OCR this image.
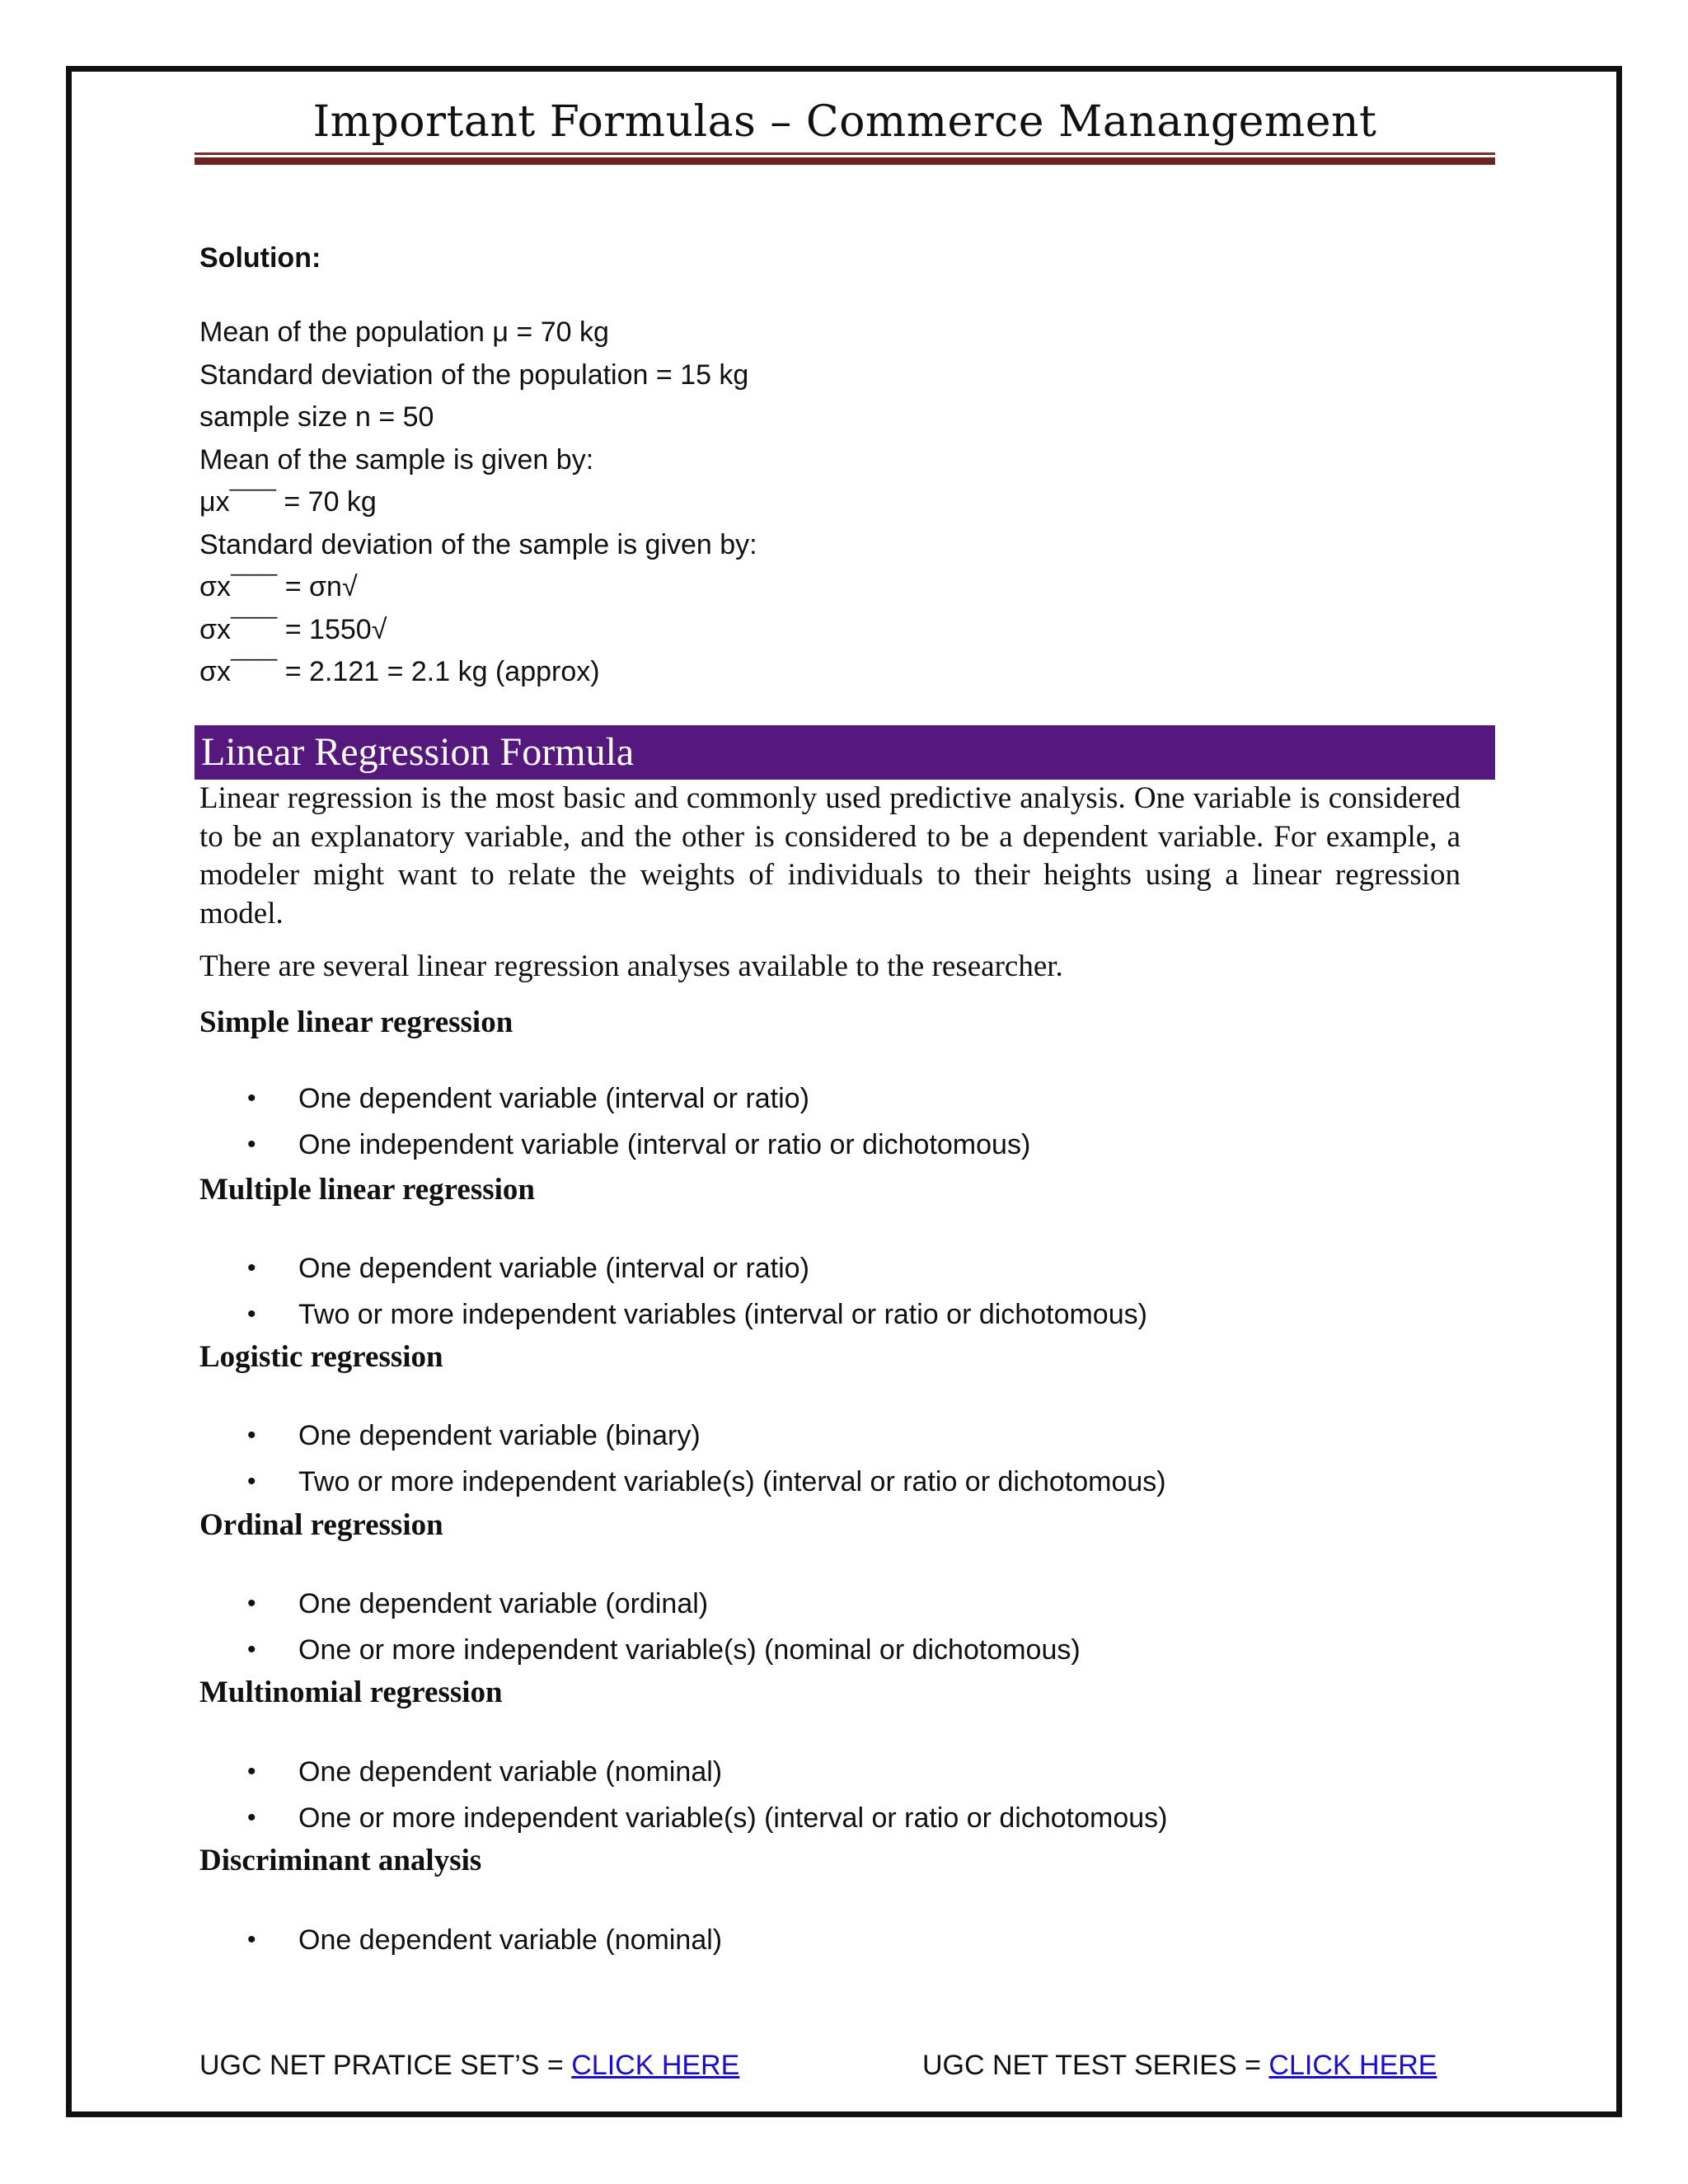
Important Formulas – Commerce Manangement
Solution:
Mean of the population μ = 70 kg
Standard deviation of the population = 15 kg
sample size n = 50
Mean of the sample is given by:
μx¯¯¯ = 70 kg
Standard deviation of the sample is given by:
σx¯¯¯ = σn√
σx¯¯¯ = 1550√
σx¯¯¯ = 2.121 = 2.1 kg (approx)
Linear Regression Formula

Linear regression is the most basic and commonly used predictive analysis. One variable is considered to be an explanatory variable, and the other is considered to be a dependent variable. For example, a modeler might want to relate the weights of individuals to their heights using a linear regression model.

There are several linear regression analyses available to the researcher.

Simple linear regression

• One dependent variable (interval or ratio)
• One independent variable (interval or ratio or dichotomous)

Multiple linear regression

• One dependent variable (interval or ratio)
• Two or more independent variables (interval or ratio or dichotomous)

Logistic regression

• One dependent variable (binary)
• Two or more independent variable(s) (interval or ratio or dichotomous)

Ordinal regression

• One dependent variable (ordinal)
• One or more independent variable(s) (nominal or dichotomous)

Multinomial regression

• One dependent variable (nominal)
• One or more independent variable(s) (interval or ratio or dichotomous)

Discriminant analysis

• One dependent variable (nominal)
UGC NET PRATICE SET’S = CLICK HERE	UGC NET TEST SERIES = CLICK HERE
